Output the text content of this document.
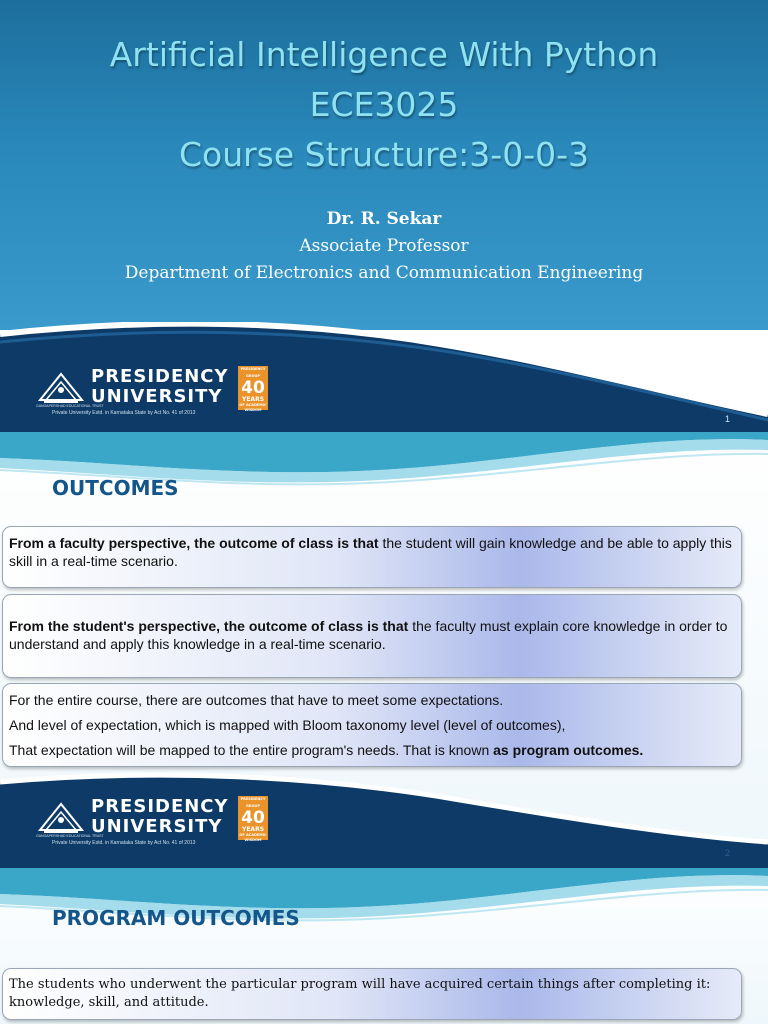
Artificial Intelligence With Python
ECE3025
Course Structure:3-0-0-3
Dr. R. Sekar
Associate Professor
Department of Electronics and Communication Engineering
PRESIDENCY
UNIVERSITY
GANGAPERSHAD EDUCATIONAL TRUST
Private University Estd. in Karnataka State by Act No. 41 of 2013
PRESIDENCY GROUP
40
YEARS
OF ACADEMIC WISDOM
1
OUTCOMES

From a faculty perspective, the outcome of class is that the student will gain knowledge and be able to apply this skill in a real-time scenario.

From the student's perspective, the outcome of class is that the faculty must explain core knowledge in order to understand and apply this knowledge in a real-time scenario.

For the entire course, there are outcomes that have to meet some expectations.

And level of expectation, which is mapped with Bloom taxonomy level (level of outcomes),

That expectation will be mapped to the entire program's needs. That is known as program outcomes.

PRESIDENCY
UNIVERSITY
GANGAPERSHAD EDUCATIONAL TRUST
Private University Estd. in Karnataka State by Act No. 41 of 2013
PRESIDENCY GROUP
40
YEARS
OF ACADEMIC WISDOM
2
PROGRAM OUTCOMES

The students who underwent the particular program will have acquired certain things after completing it: knowledge, skill, and attitude.
